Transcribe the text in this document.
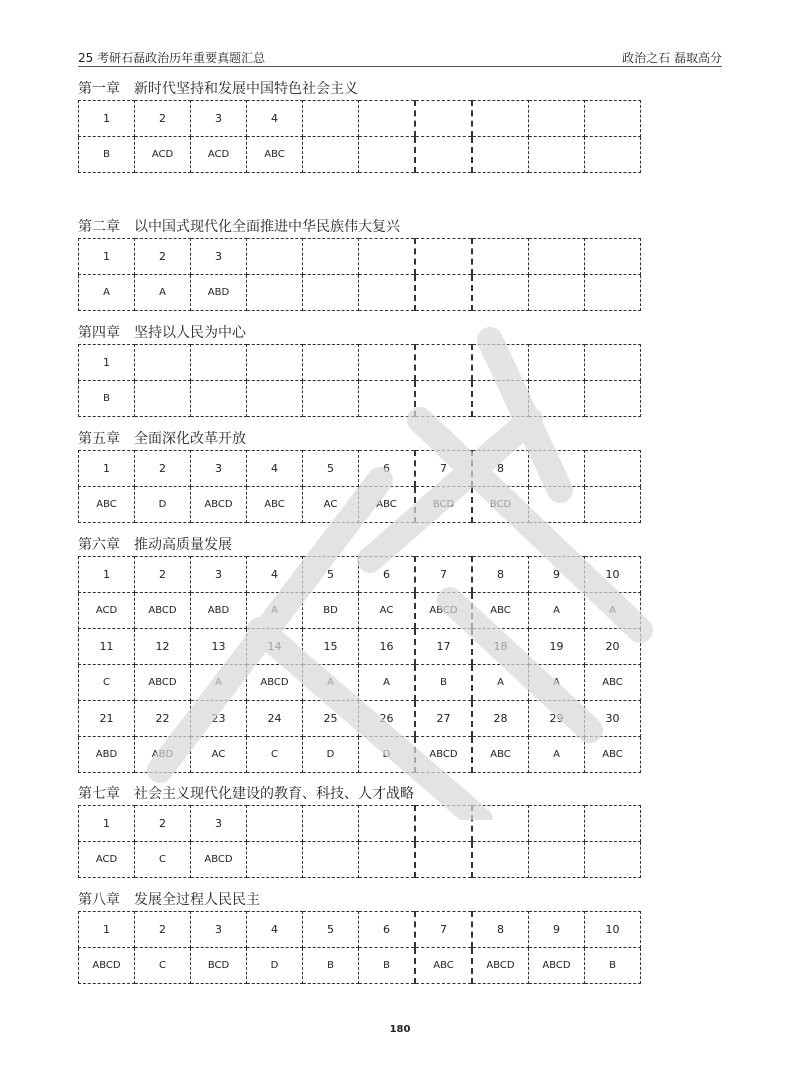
25 考研石磊政治历年重要真题汇总	政治之石 磊取高分
第一章 新时代坚持和发展中国特色社会主义
1	2	3	4						
B	ACD	ACD	ABC						
第二章 以中国式现代化全面推进中华民族伟大复兴
1	2	3							
A	A	ABD							
第四章 坚持以人民为中心
1									
B									
第五章 全面深化改革开放
1	2	3	4	5	6	7	8		
ABC	D	ABCD	ABC	AC	ABC	BCD	BCD		
第六章 推动高质量发展
1	2	3	4	5	6	7	8	9	10
ACD	ABCD	ABD	A	BD	AC	ABCD	ABC	A	A
11	12	13	14	15	16	17	18	19	20
C	ABCD	A	ABCD	A	A	B	A	A	ABC
21	22	23	24	25	26	27	28	29	30
ABD	ABD	AC	C	D	D	ABCD	ABC	A	ABC
第七章 社会主义现代化建设的教育、科技、人才战略
1	2	3							
ACD	C	ABCD							
第八章 发展全过程人民民主
1	2	3	4	5	6	7	8	9	10
ABCD	C	BCD	D	B	B	ABC	ABCD	ABCD	B
180
